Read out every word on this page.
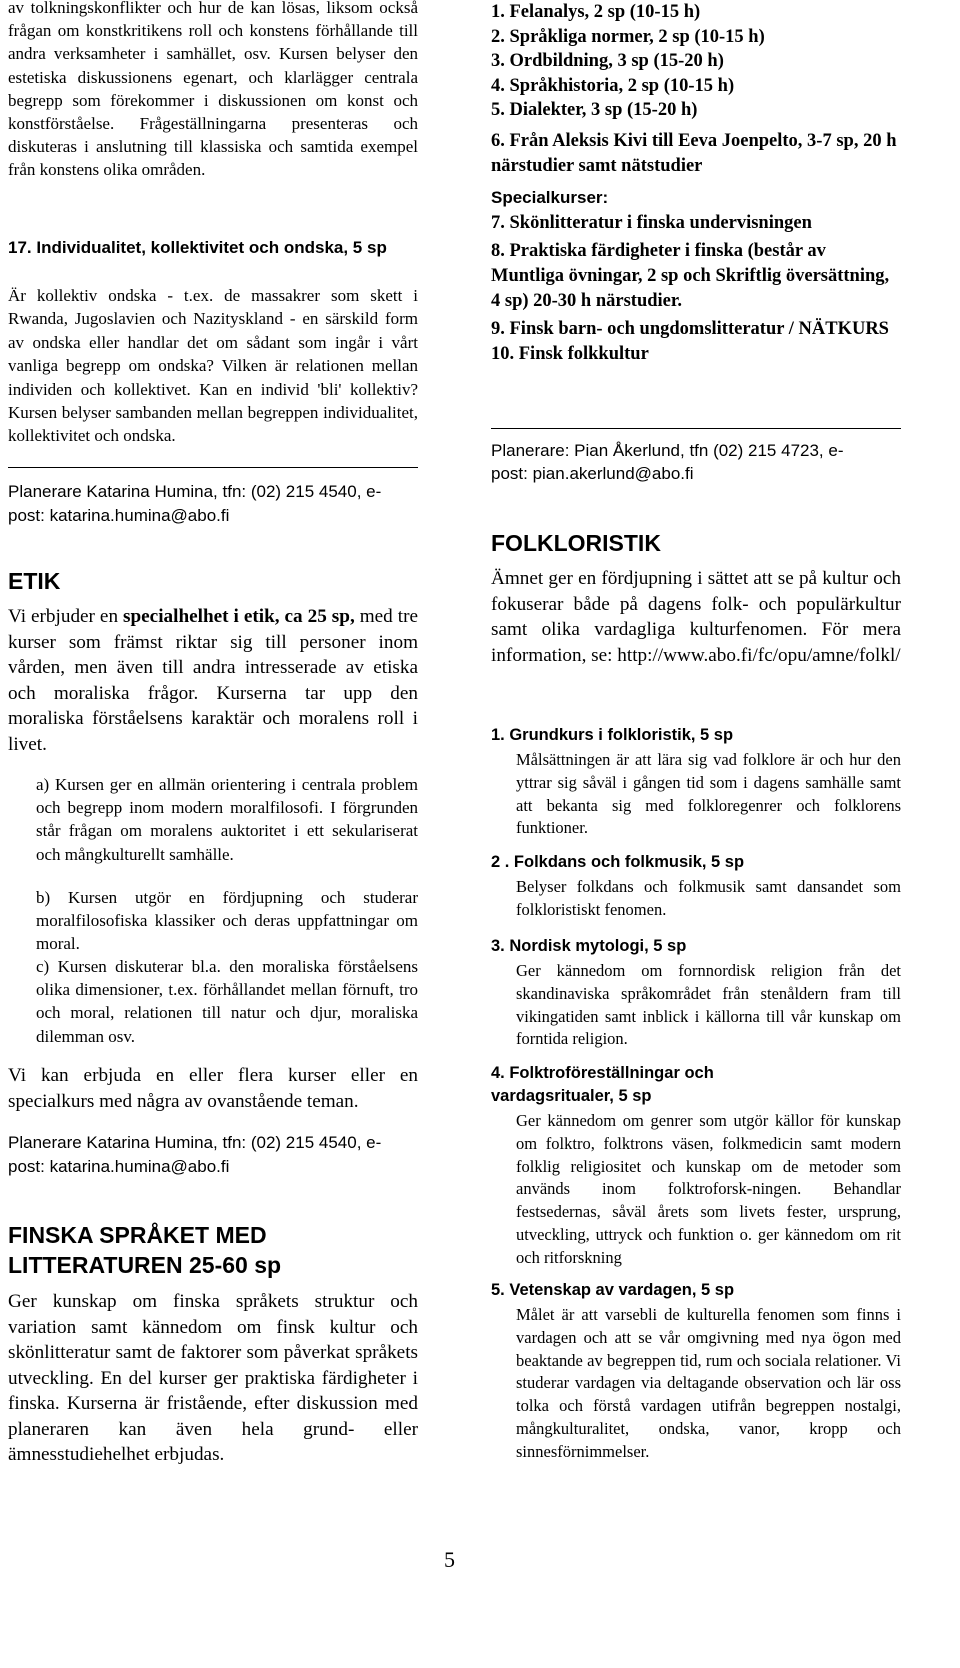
av tolkningskonflikter och hur de kan lösas, liksom också frågan om konstkritikens roll och konstens förhållande till andra verksamheter i samhället, osv. Kursen belyser den estetiska diskussionens egenart, och klarlägger centrala begrepp som förekommer i diskussionen om konst och konstförståelse. Frågeställningarna presenteras och diskuteras i anslutning till klassiska och samtida exempel från konstens olika områden.

17. Individualitet, kollektivitet och ondska, 5 sp

Är kollektiv ondska - t.ex. de massakrer som skett i Rwanda, Jugoslavien och Nazityskland - en särskild form av ondska eller handlar det om sådant som ingår i vårt vanliga begrepp om ondska? Vilken är relationen mellan individen och kollektivet. Kan en individ 'bli' kollektiv? Kursen belyser sambanden mellan begreppen individualitet, kollektivitet och ondska.

Planerare Katarina Humina, tfn: (02) 215 4540, e-post: katarina.humina@abo.fi

ETIK

Vi erbjuder en specialhelhet i etik, ca 25 sp, med tre kurser som främst riktar sig till personer inom vården, men även till andra intresserade av etiska och moraliska frågor. Kurserna tar upp den moraliska förståelsens karaktär och moralens roll i livet.

a) Kursen ger en allmän orientering i centrala problem och begrepp inom modern moralfilosofi. I förgrunden står frågan om moralens auktoritet i ett sekulariserat och mångkulturellt samhälle.

b) Kursen utgör en fördjupning och studerar moralfilosofiska klassiker och deras uppfattningar om moral.

c) Kursen diskuterar bl.a. den moraliska förståelsens olika dimensioner, t.ex. förhållandet mellan förnuft, tro och moral, relationen till natur och djur, moraliska dilemman osv.

Vi kan erbjuda en eller flera kurser eller en specialkurs med några av ovanstående teman.

Planerare Katarina Humina, tfn: (02) 215 4540, e-post: katarina.humina@abo.fi

FINSKA SPRÅKET MED LITTERATUREN 25-60 sp

Ger kunskap om finska språkets struktur och variation samt kännedom om finsk kultur och skönlitteratur samt de faktorer som påverkat språkets utveckling. En del kurser ger praktiska färdigheter i finska. Kurserna är fristående, efter diskussion med planeraren kan även hela grund- eller ämnesstudiehelhet erbjudas.

1. Felanalys, 2 sp (10-15 h)
2. Språkliga normer, 2 sp (10-15 h)
3. Ordbildning, 3 sp (15-20 h)
4. Språkhistoria, 2 sp (10-15 h)
5. Dialekter, 3 sp (15-20 h)
6. Från Aleksis Kivi till Eeva Joenpelto, 3-7 sp, 20 h närstudier samt nätstudier
Specialkurser:
7. Skönlitteratur i finska undervisningen
8. Praktiska färdigheter i finska (består av Muntliga övningar, 2 sp och Skriftlig översättning, 4 sp) 20-30 h närstudier.
9. Finsk barn- och ungdomslitteratur / NÄTKURS
10. Finsk folkkultur

Planerare: Pian Åkerlund, tfn (02) 215 4723, e-post: pian.akerlund@abo.fi

FOLKLORISTIK

Ämnet ger en fördjupning i sättet att se på kultur och fokuserar både på dagens folk- och populärkultur samt olika vardagliga kulturfenomen. För mera information, se: http://www.abo.fi/fc/opu/amne/folkl/

1. Grundkurs i folkloristik, 5 sp

Målsättningen är att lära sig vad folklore är och hur den yttrar sig såväl i gången tid som i dagens samhälle samt att bekanta sig med folkloregenrer och folklorens funktioner.

2 . Folkdans och folkmusik, 5 sp

Belyser folkdans och folkmusik samt dansandet som folkloristiskt fenomen.

3. Nordisk mytologi, 5 sp

Ger kännedom om fornnordisk religion från det skandinaviska språkområdet från stenåldern fram till vikingatiden samt inblick i källorna till vår kunskap om forntida religion.

4. Folktroföreställningar och vardagsritualer, 5 sp

Ger kännedom om genrer som utgör källor för kunskap om folktro, folktrons väsen, folkmedicin samt modern folklig religiositet och kunskap om de metoder som används inom folktroforsk-ningen. Behandlar festsedernas, såväl årets som livets fester, ursprung, utveckling, uttryck och funktion o. ger kännedom om rit och ritforskning

5. Vetenskap av vardagen, 5 sp

Målet är att varsebli de kulturella fenomen som finns i vardagen och att se vår omgivning med nya ögon med beaktande av begreppen tid, rum och sociala relationer. Vi studerar vardagen via deltagande observation och lär oss tolka och förstå vardagen utifrån begreppen nostalgi, mångkulturalitet, ondska, vanor, kropp och sinnesförnimmelser.

5
